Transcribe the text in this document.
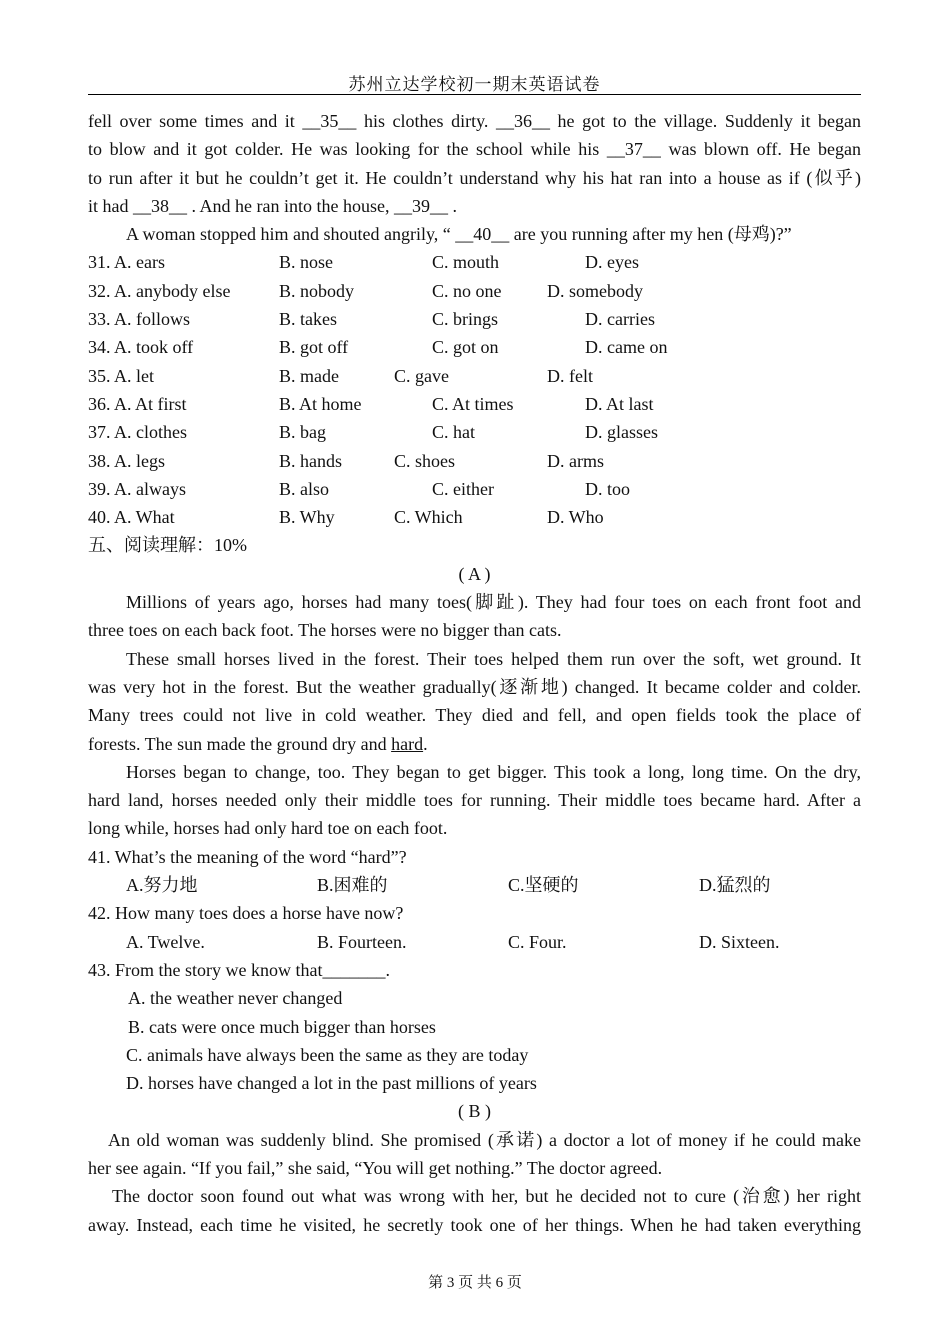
苏州立达学校初一期末英语试卷
fell over some times and it __35__ his clothes dirty. __36__ he got to the village. Suddenly it began
to blow and it got colder. He was looking for the school while his __37__ was blown off. He began
to run after it but he couldn’t get it. He couldn’t understand why his hat ran into a house as if (似乎)
it had __38__ . And he ran into the house, __39__ .
A woman stopped him and shouted angrily, “ __40__ are you running after my hen (母鸡)?”
31. A. ears	B. nose	C. mouth	D. eyes
32. A. anybody else	B. nobody	C. no one	D. somebody
33. A. follows	B. takes	C. brings	D. carries
34. A. took off	B. got off	C. got on	D. came on
35. A. let	B. made	C. gave	D. felt
36. A. At first	B. At home	C. At times	D. At last
37. A. clothes	B. bag	C. hat	D. glasses
38. A. legs	B. hands	C. shoes	D. arms
39. A. always	B. also	C. either	D. too
40. A. What	B. Why	C. Which	D. Who
五、阅读理解：10%
( A )
Millions of years ago, horses had many toes(脚趾). They had four toes on each front foot and
three toes on each back foot. The horses were no bigger than cats.
These small horses lived in the forest. Their toes helped them run over the soft, wet ground. It
was very hot in the forest. But the weather gradually(逐渐地) changed. It became colder and colder.
Many trees could not live in cold weather. They died and fell, and open fields took the place of
forests. The sun made the ground dry and hard.
Horses began to change, too. They began to get bigger. This took a long, long time. On the dry,
hard land, horses needed only their middle toes for running. Their middle toes became hard. After a
long while, horses had only hard toe on each foot.
41. What’s the meaning of the word “hard”?
A.努力地	B.困难的	C.坚硬的	D.猛烈的
42. How many toes does a horse have now?
A. Twelve.	B. Fourteen.	C. Four.	D. Sixteen.
43. From the story we know that_______.
A. the weather never changed
B. cats were once much bigger than horses
C. animals have always been the same as they are today
D. horses have changed a lot in the past millions of years
( B )
An old woman was suddenly blind. She promised (承诺) a doctor a lot of money if he could make
her see again. “If you fail,” she said, “You will get nothing.” The doctor agreed.
The doctor soon found out what was wrong with her, but he decided not to cure (治愈) her right
away. Instead, each time he visited, he secretly took one of her things. When he had taken everything
第 3 页 共 6 页
